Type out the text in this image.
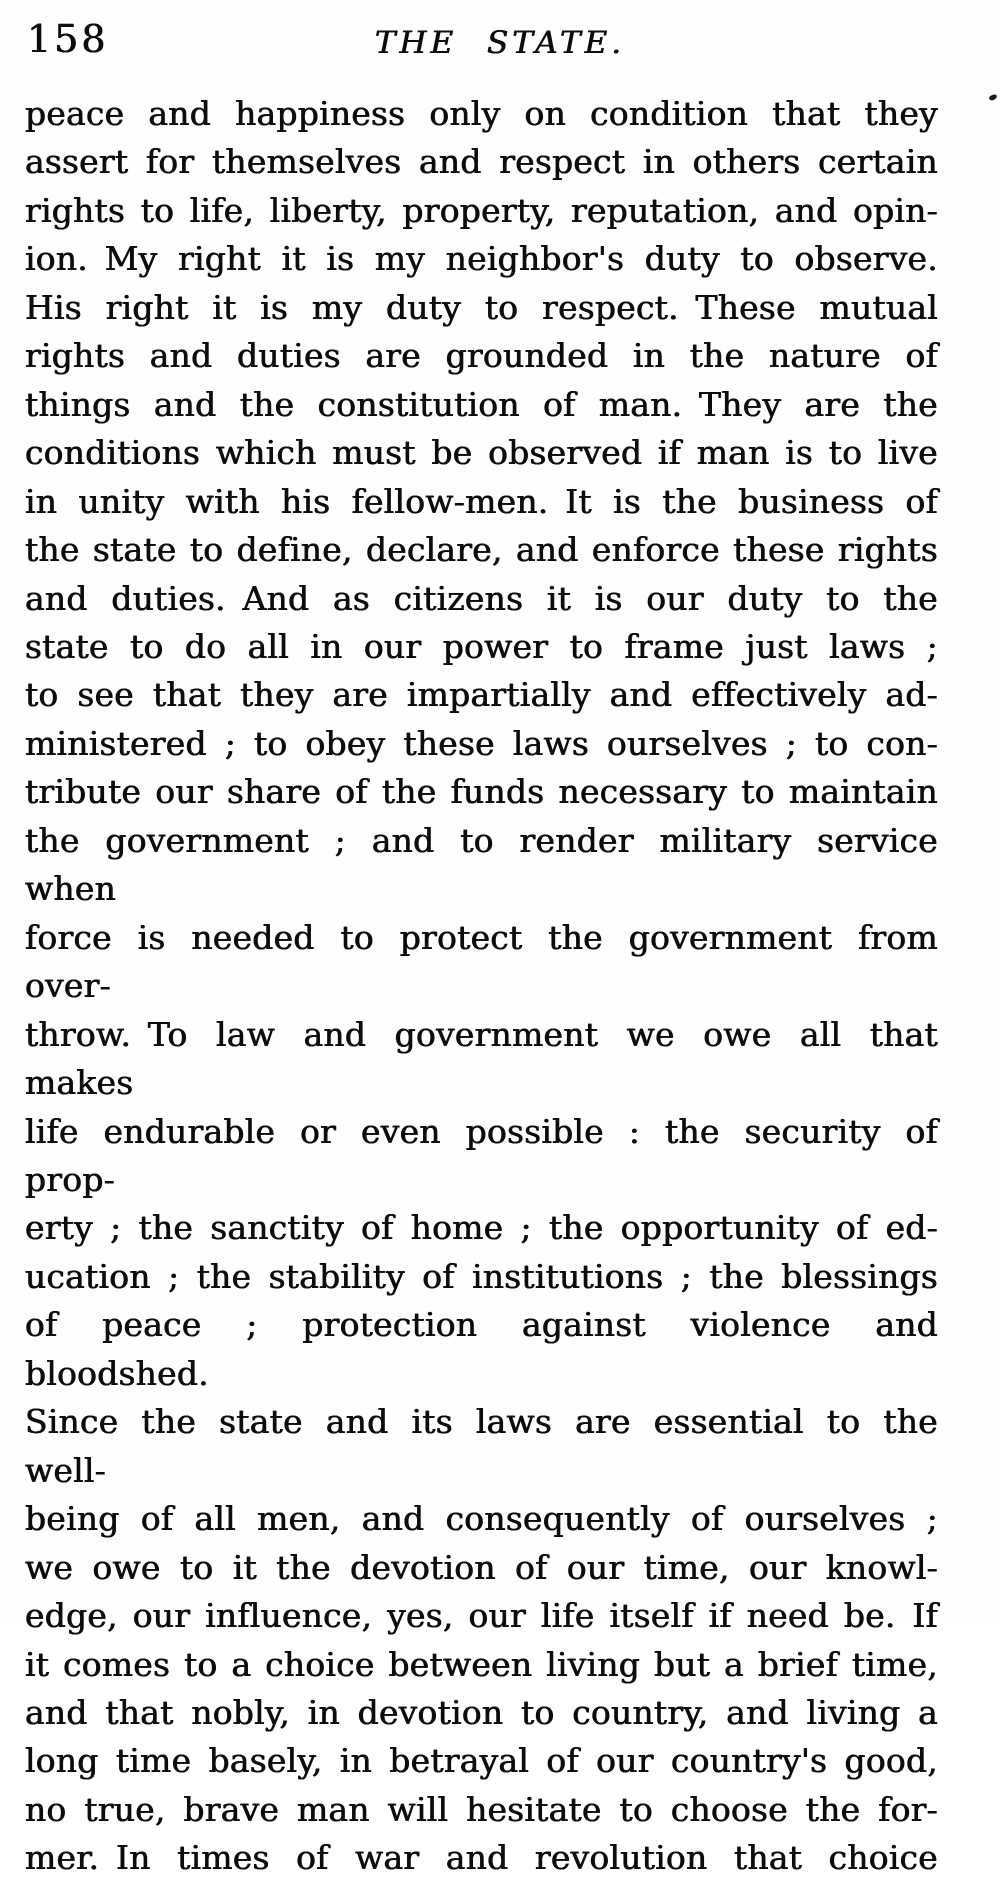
158	THE STATE.
peace and happiness only on condition that they
assert for themselves and respect in others certain
rights to life, liberty, property, reputation, and opin-
ion. My right it is my neighbor's duty to observe.
His right it is my duty to respect. These mutual
rights and duties are grounded in the nature of
things and the constitution of man. They are the
conditions which must be observed if man is to live
in unity with his fellow-men. It is the business of
the state to define, declare, and enforce these rights
and duties. And as citizens it is our duty to the
state to do all in our power to frame just laws ;
to see that they are impartially and effectively ad-
ministered ; to obey these laws ourselves ; to con-
tribute our share of the funds necessary to maintain
the government ; and to render military service when
force is needed to protect the government from over-
throw. To law and government we owe all that makes
life endurable or even possible : the security of prop-
erty ; the sanctity of home ; the opportunity of ed-
ucation ; the stability of institutions ; the blessings
of peace ; protection against violence and bloodshed.
Since the state and its laws are essential to the well-
being of all men, and consequently of ourselves ;
we owe to it the devotion of our time, our knowl-
edge, our influence, yes, our life itself if need be. If
it comes to a choice between living but a brief time,
and that nobly, in devotion to country, and living a
long time basely, in betrayal of our country's good,
no true, brave man will hesitate to choose the for-
mer. In times of war and revolution that choice
